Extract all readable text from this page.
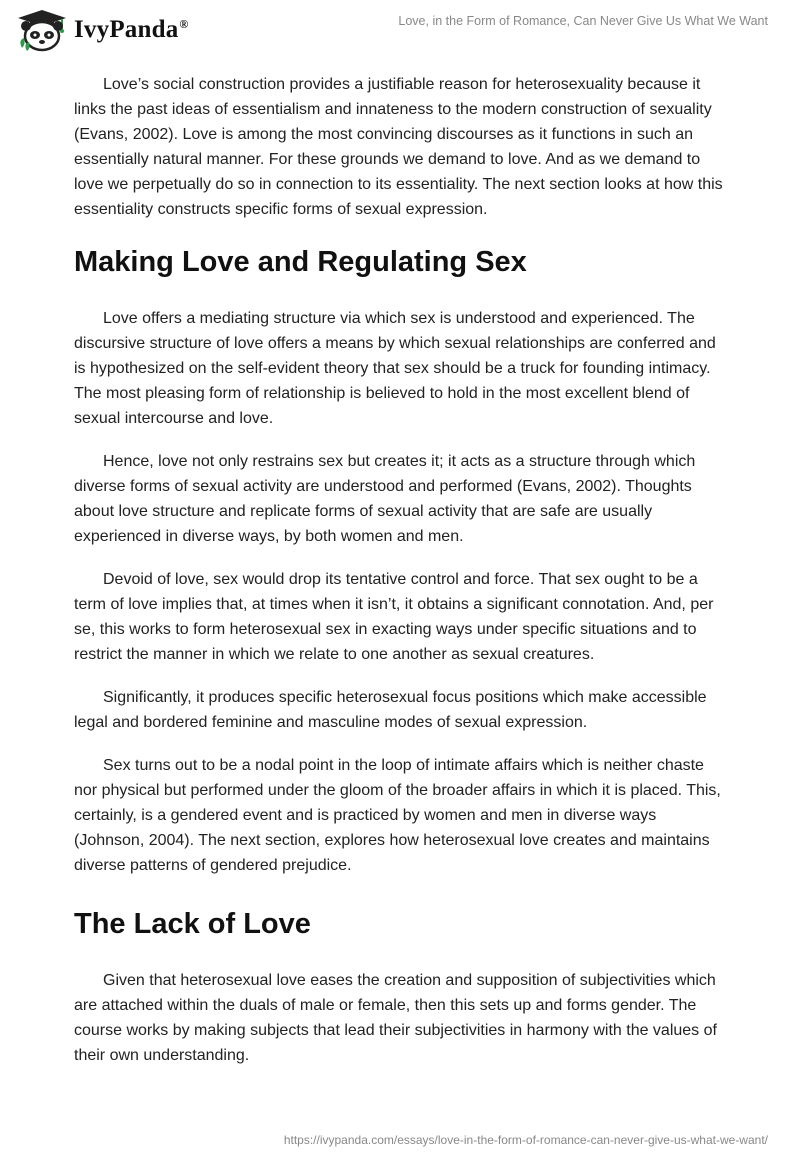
IvyPanda®	Love, in the Form of Romance, Can Never Give Us What We Want

Love’s social construction provides a justifiable reason for heterosexuality because it links the past ideas of essentialism and innateness to the modern construction of sexuality (Evans, 2002). Love is among the most convincing discourses as it functions in such an essentially natural manner. For these grounds we demand to love. And as we demand to love we perpetually do so in connection to its essentiality. The next section looks at how this essentiality constructs specific forms of sexual expression.

Making Love and Regulating Sex

Love offers a mediating structure via which sex is understood and experienced. The discursive structure of love offers a means by which sexual relationships are conferred and is hypothesized on the self-evident theory that sex should be a truck for founding intimacy. The most pleasing form of relationship is believed to hold in the most excellent blend of sexual intercourse and love.

Hence, love not only restrains sex but creates it; it acts as a structure through which diverse forms of sexual activity are understood and performed (Evans, 2002). Thoughts about love structure and replicate forms of sexual activity that are safe are usually experienced in diverse ways, by both women and men.

Devoid of love, sex would drop its tentative control and force. That sex ought to be a term of love implies that, at times when it isn’t, it obtains a significant connotation. And, per se, this works to form heterosexual sex in exacting ways under specific situations and to restrict the manner in which we relate to one another as sexual creatures.

Significantly, it produces specific heterosexual focus positions which make accessible legal and bordered feminine and masculine modes of sexual expression.

Sex turns out to be a nodal point in the loop of intimate affairs which is neither chaste nor physical but performed under the gloom of the broader affairs in which it is placed. This, certainly, is a gendered event and is practiced by women and men in diverse ways (Johnson, 2004). The next section, explores how heterosexual love creates and maintains diverse patterns of gendered prejudice.

The Lack of Love

Given that heterosexual love eases the creation and supposition of subjectivities which are attached within the duals of male or female, then this sets up and forms gender. The course works by making subjects that lead their subjectivities in harmony with the values of their own understanding.

https://ivypanda.com/essays/love-in-the-form-of-romance-can-never-give-us-what-we-want/
